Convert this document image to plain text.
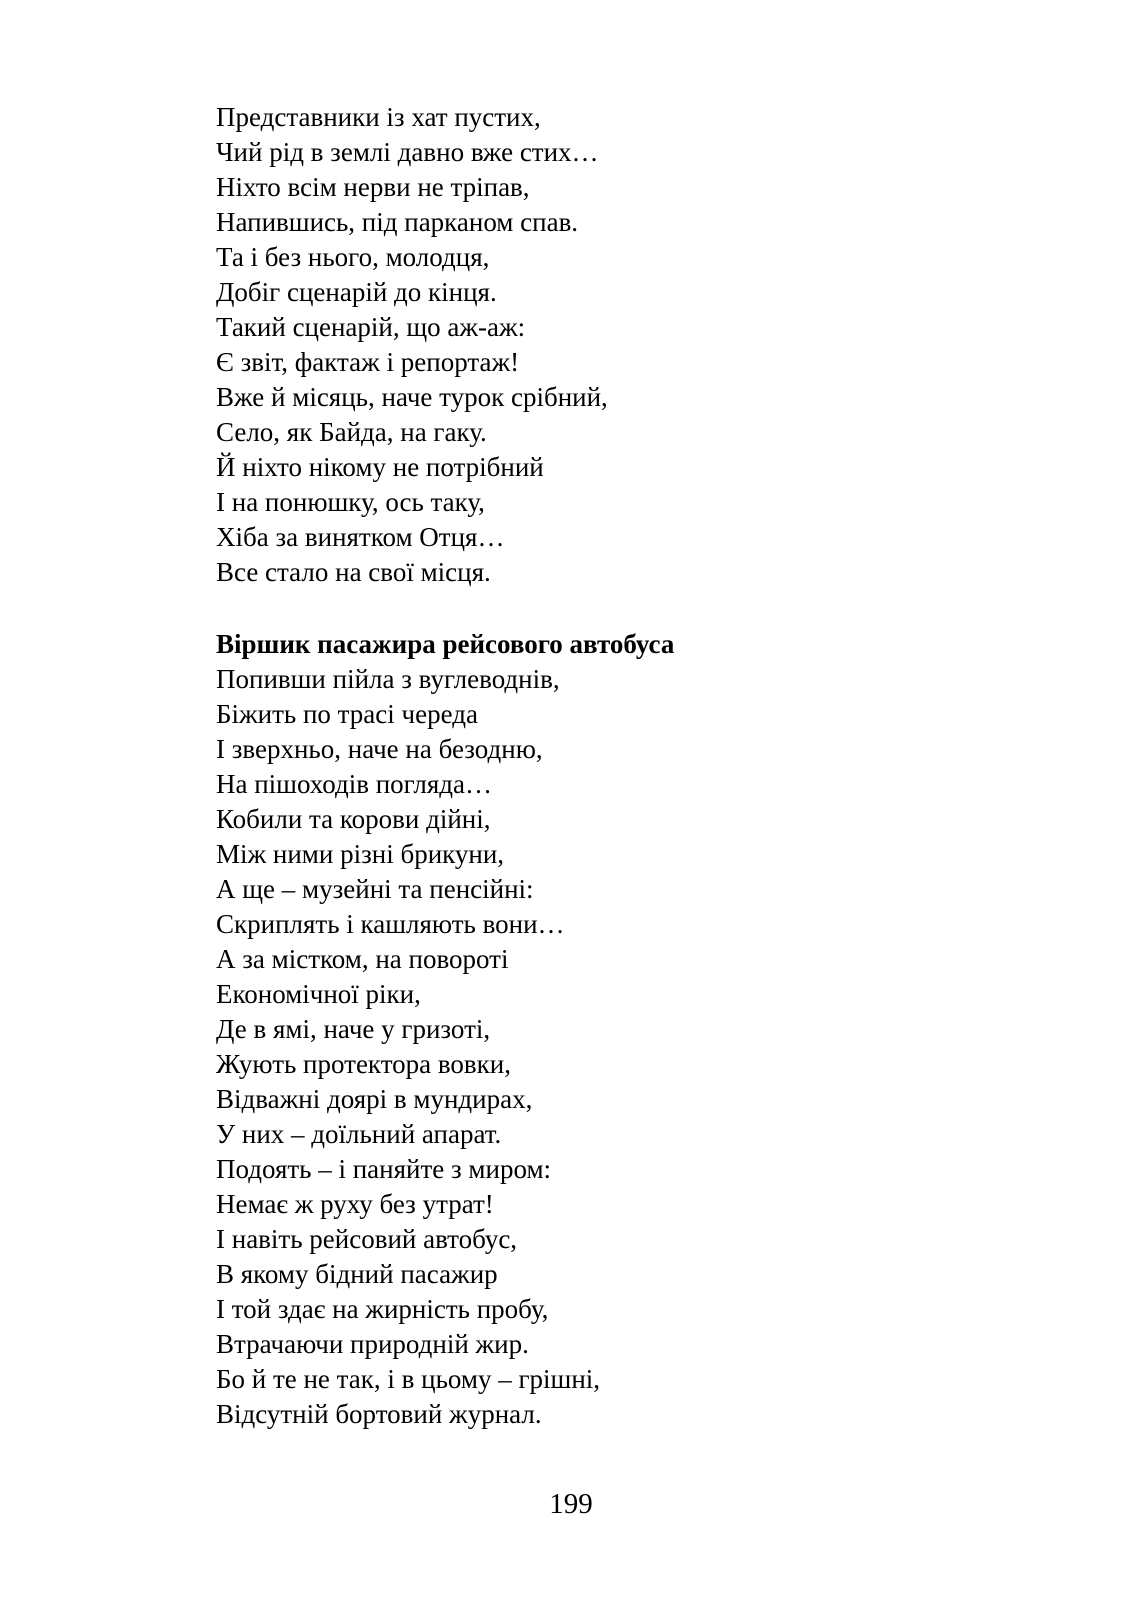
Представники із хат пустих,
Чий рід в землі давно вже стих…
Ніхто всім нерви не тріпав,
Напившись, під парканом спав.
Та і без нього, молодця,
Добіг сценарій до кінця.
Такий сценарій, що аж-аж:
Є звіт, фактаж і репортаж!
Вже й місяць, наче турок срібний,
Село, як Байда, на гаку.
Й ніхто нікому не потрібний
І на понюшку, ось таку,
Хіба за винятком Отця…
Все стало на свої місця.
Віршик пасажира рейсового автобуса
Попивши пійла з вуглеводнів,
Біжить по трасі череда
І зверхньо, наче на безодню,
На пішоходів погляда…
Кобили та корови дійні,
Між ними різні брикуни,
А ще – музейні та пенсійні:
Скриплять і кашляють вони…
А за містком, на повороті
Економічної ріки,
Де в ямі, наче у гризоті,
Жують протектора вовки,
Відважні доярі в мундирах,
У них – доїльний апарат.
Подоять – і паняйте з миром:
Немає ж руху без утрат!
І навіть рейсовий автобус,
В якому бідний пасажир
І той здає на жирність пробу,
Втрачаючи природній жир.
Бо й те не так, і в цьому – грішні,
Відсутній бортовий журнал.
199
